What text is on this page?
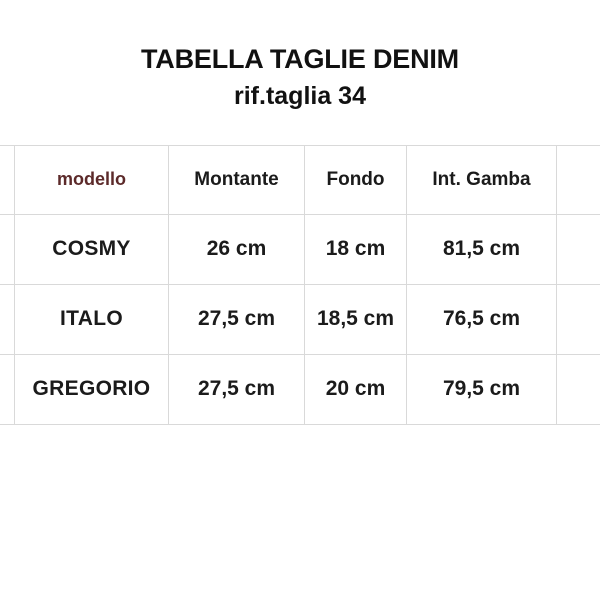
TABELLA TAGLIE DENIM
rif.taglia 34
	modello	Montante	Fondo	Int. Gamba	
	COSMY	26 cm	18 cm	81,5 cm	
	ITALO	27,5 cm	18,5 cm	76,5 cm	
	GREGORIO	27,5 cm	20 cm	79,5 cm	
